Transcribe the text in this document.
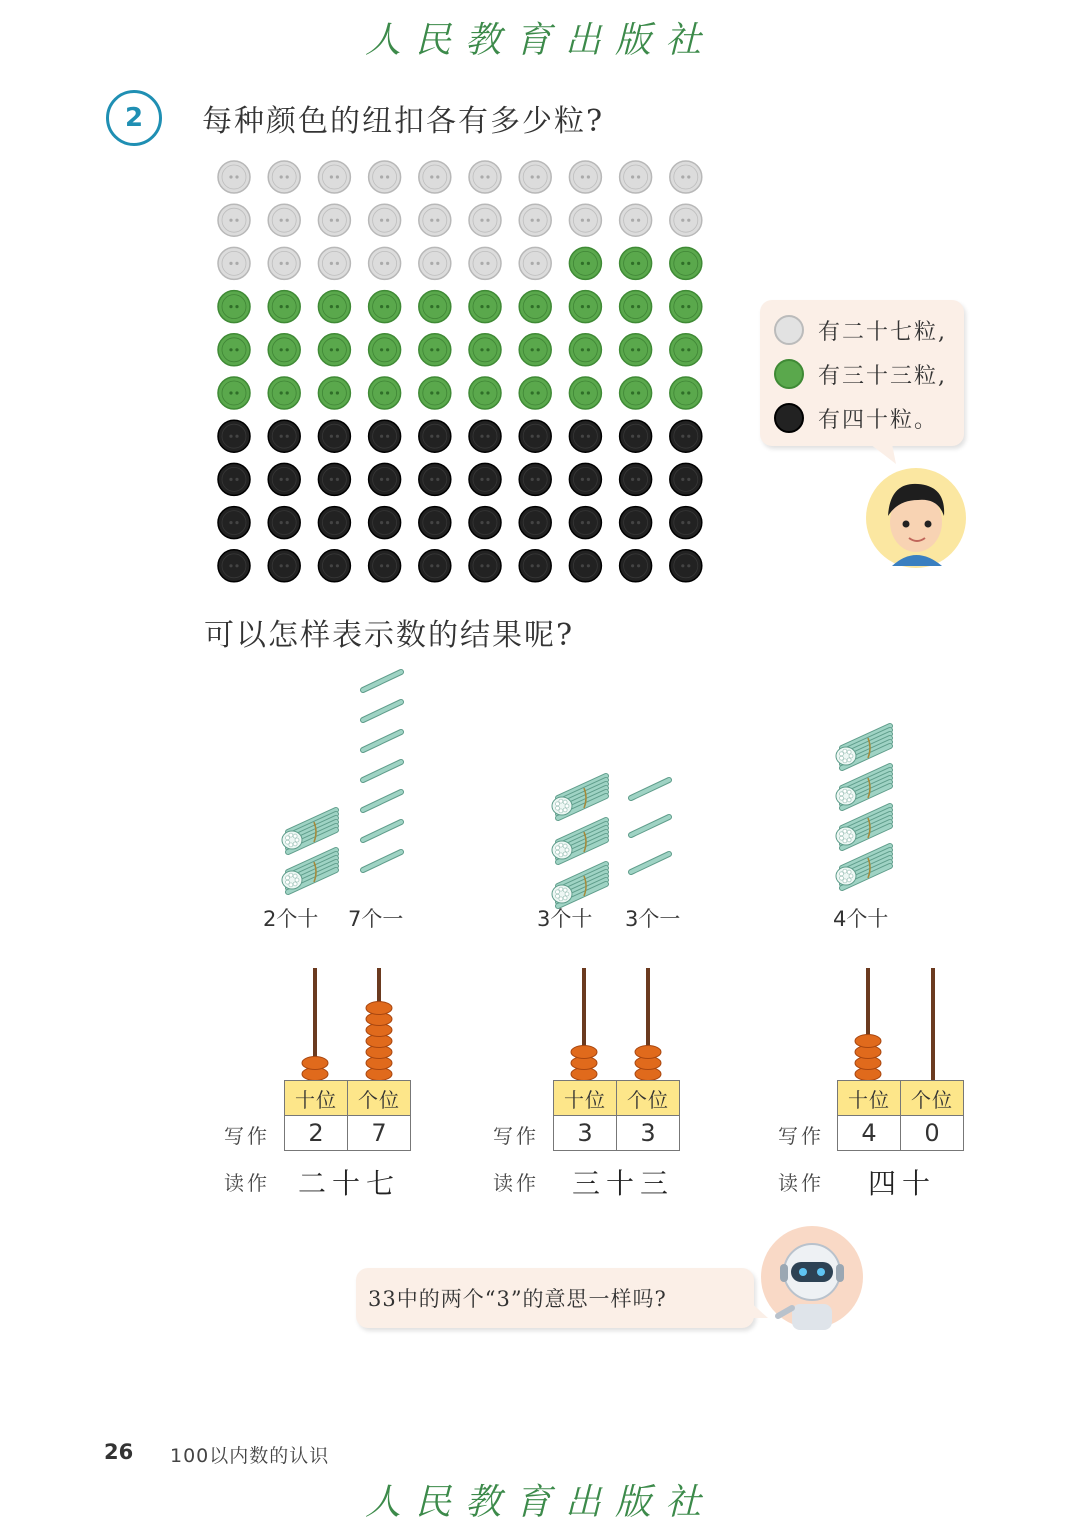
人民教育出版社
2	每种颜色的纽扣各有多少粒?
有二十七粒,
有三十三粒,
有四十粒。
可以怎样表示数的结果呢?
2个十 7个一	3个十 3个一	4个十
十位	个位
2	7
十位	个位
3	3
十位	个位
4	0
写作
读作 二十七
写作
读作 三十三
写作
读作 四十
33中的两个“3”的意思一样吗?
26 100以内数的认识
人民教育出版社
